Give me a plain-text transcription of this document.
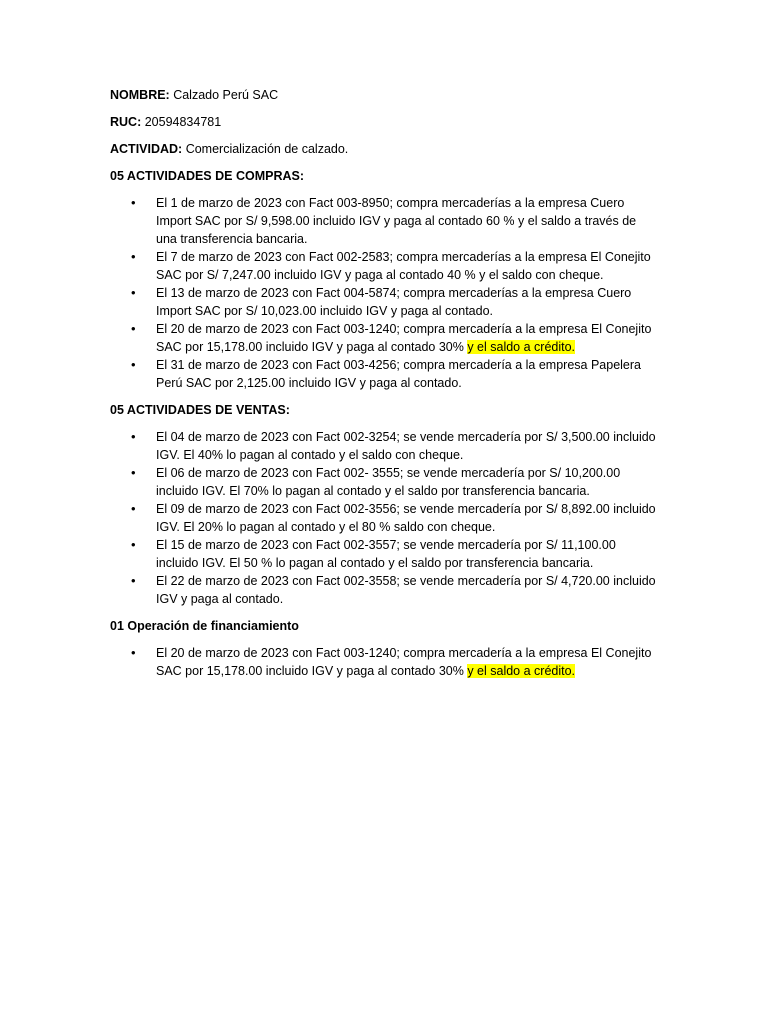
NOMBRE: Calzado Perú SAC

RUC: 20594834781

ACTIVIDAD: Comercialización de calzado.

05 ACTIVIDADES DE COMPRAS:

• El 1 de marzo de 2023 con Fact 003-8950; compra mercaderías a la empresa Cuero Import SAC por S/ 9,598.00 incluido IGV y paga al contado 60 % y el saldo a través de una transferencia bancaria.
• El 7 de marzo de 2023 con Fact 002-2583; compra mercaderías a la empresa El Conejito SAC por S/ 7,247.00 incluido IGV y paga al contado 40 % y el saldo con cheque.
• El 13 de marzo de 2023 con Fact 004-5874; compra mercaderías a la empresa Cuero Import SAC por S/ 10,023.00 incluido IGV y paga al contado.
• El 20 de marzo de 2023 con Fact 003-1240; compra mercadería a la empresa El Conejito SAC por 15,178.00 incluido IGV y paga al contado 30% y el saldo a crédito.
• El 31 de marzo de 2023 con Fact 003-4256; compra mercadería a la empresa Papelera Perú SAC por 2,125.00 incluido IGV y paga al contado.

05 ACTIVIDADES DE VENTAS:

• El 04 de marzo de 2023 con Fact 002-3254; se vende mercadería por S/ 3,500.00 incluido IGV. El 40% lo pagan al contado y el saldo con cheque.
• El 06 de marzo de 2023 con Fact 002- 3555; se vende mercadería por S/ 10,200.00 incluido IGV. El 70% lo pagan al contado y el saldo por transferencia bancaria.
• El 09 de marzo de 2023 con Fact 002-3556; se vende mercadería por S/ 8,892.00 incluido IGV. El 20% lo pagan al contado y el 80 % saldo con cheque.
• El 15 de marzo de 2023 con Fact 002-3557; se vende mercadería por S/ 11,100.00 incluido IGV. El 50 % lo pagan al contado y el saldo por transferencia bancaria.
• El 22 de marzo de 2023 con Fact 002-3558; se vende mercadería por S/ 4,720.00 incluido IGV y paga al contado.

01 Operación de financiamiento

• El 20 de marzo de 2023 con Fact 003-1240; compra mercadería a la empresa El Conejito SAC por 15,178.00 incluido IGV y paga al contado 30% y el saldo a crédito.
